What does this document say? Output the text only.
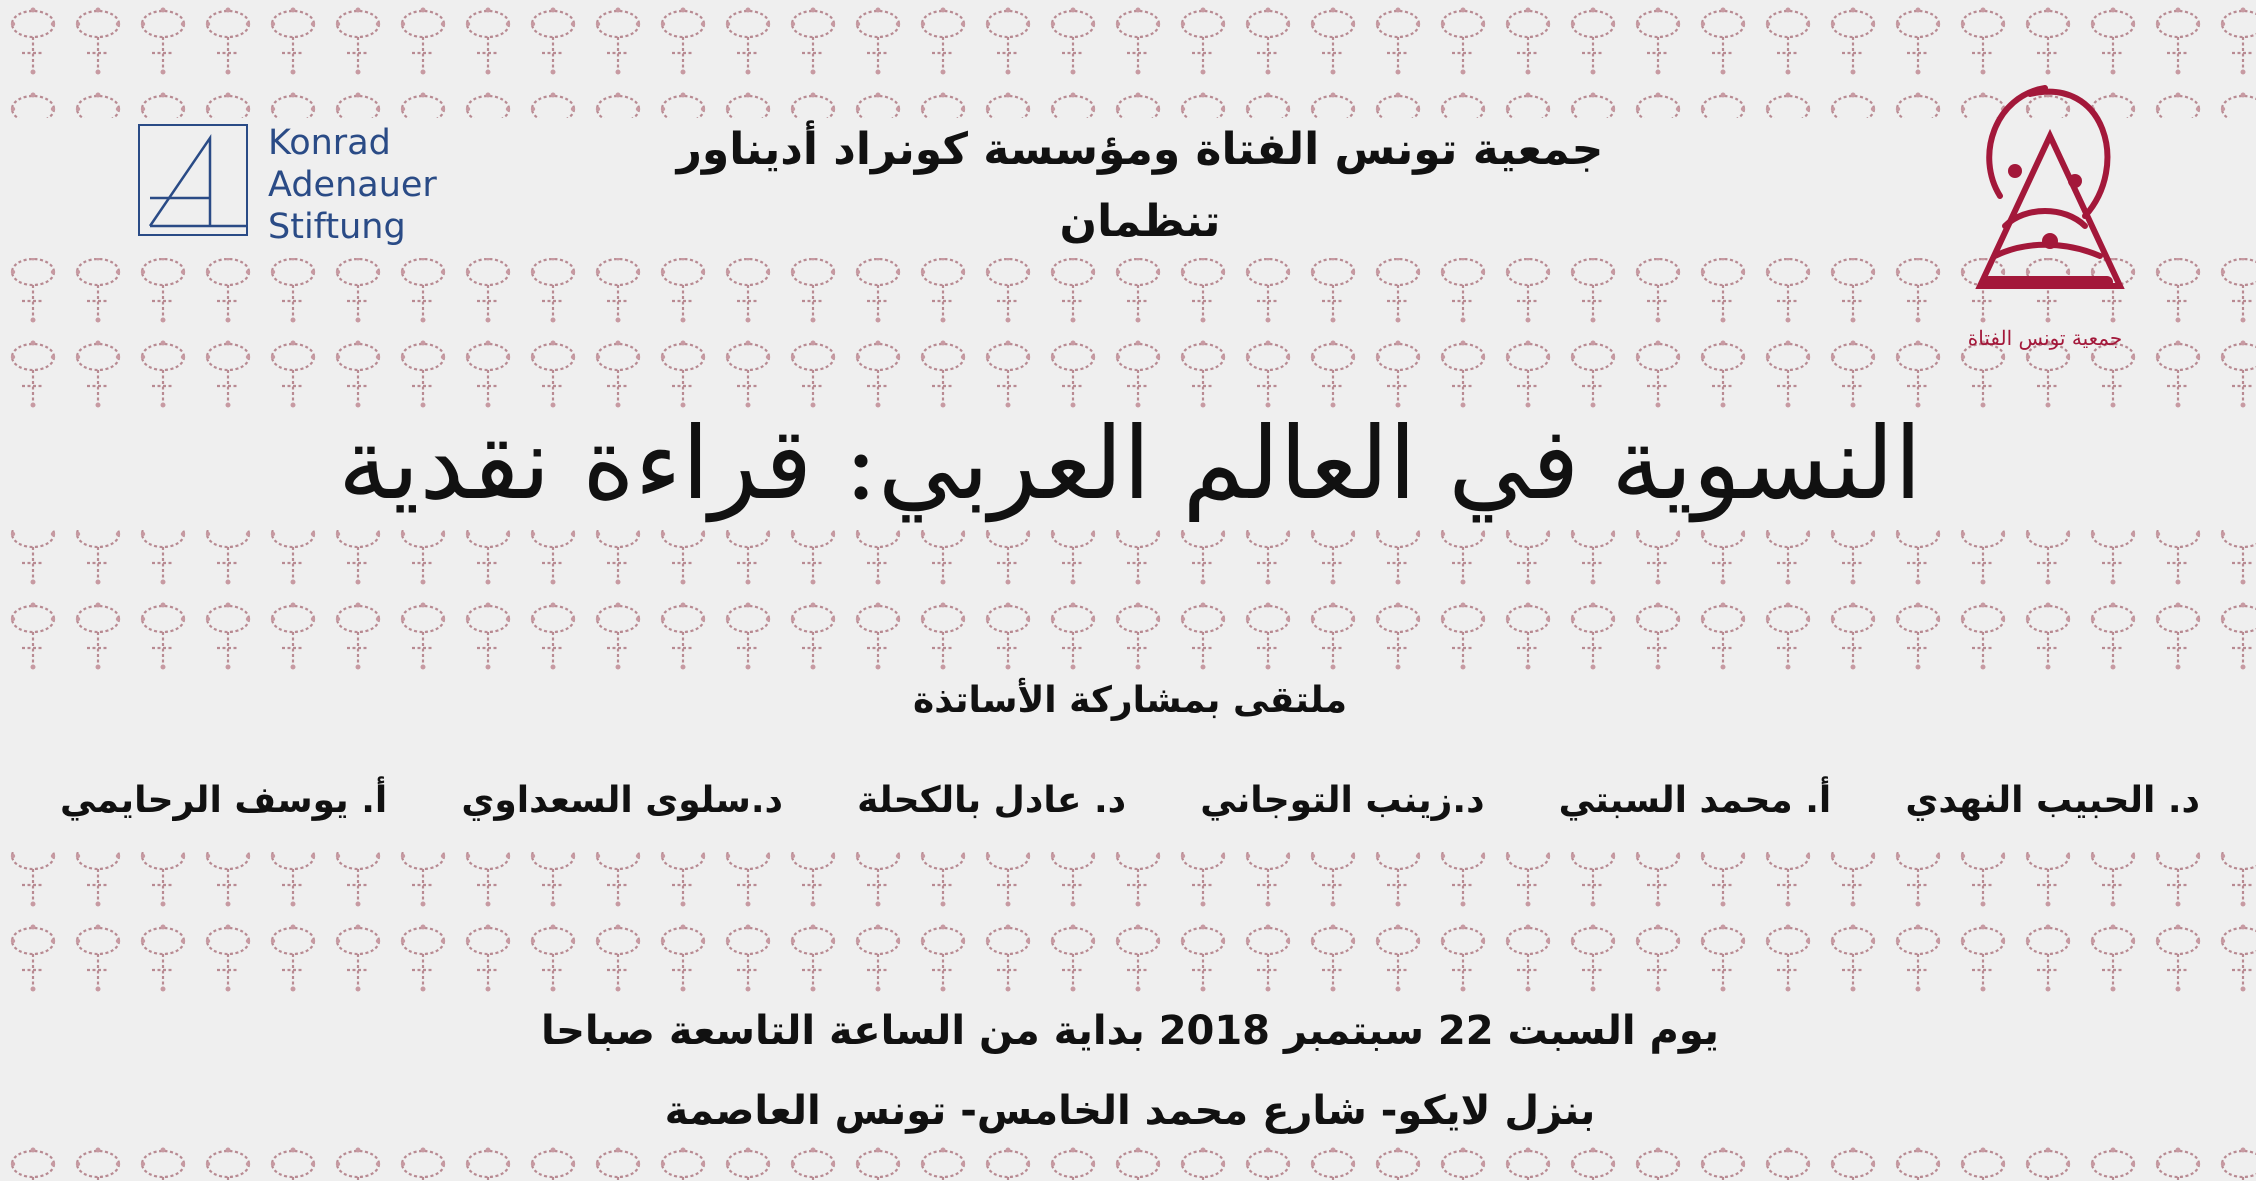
Konrad
Adenauer
Stiftung
جمعية تونس الفتاة
جمعية تونس الفتاة ومؤسسة كونراد أديناور
تنظمان
النسوية في العالم العربي: قراءة نقدية
ملتقى بمشاركة الأساتذة
د. الحبيب النهدي
أ. محمد السبتي
د.زينب التوجاني
د. عادل بالكحلة
د.سلوى السعداوي
أ. يوسف الرحايمي
يوم السبت 22 سبتمبر 2018 بداية من الساعة التاسعة صباحا
بنزل لايكو- شارع محمد الخامس- تونس العاصمة
